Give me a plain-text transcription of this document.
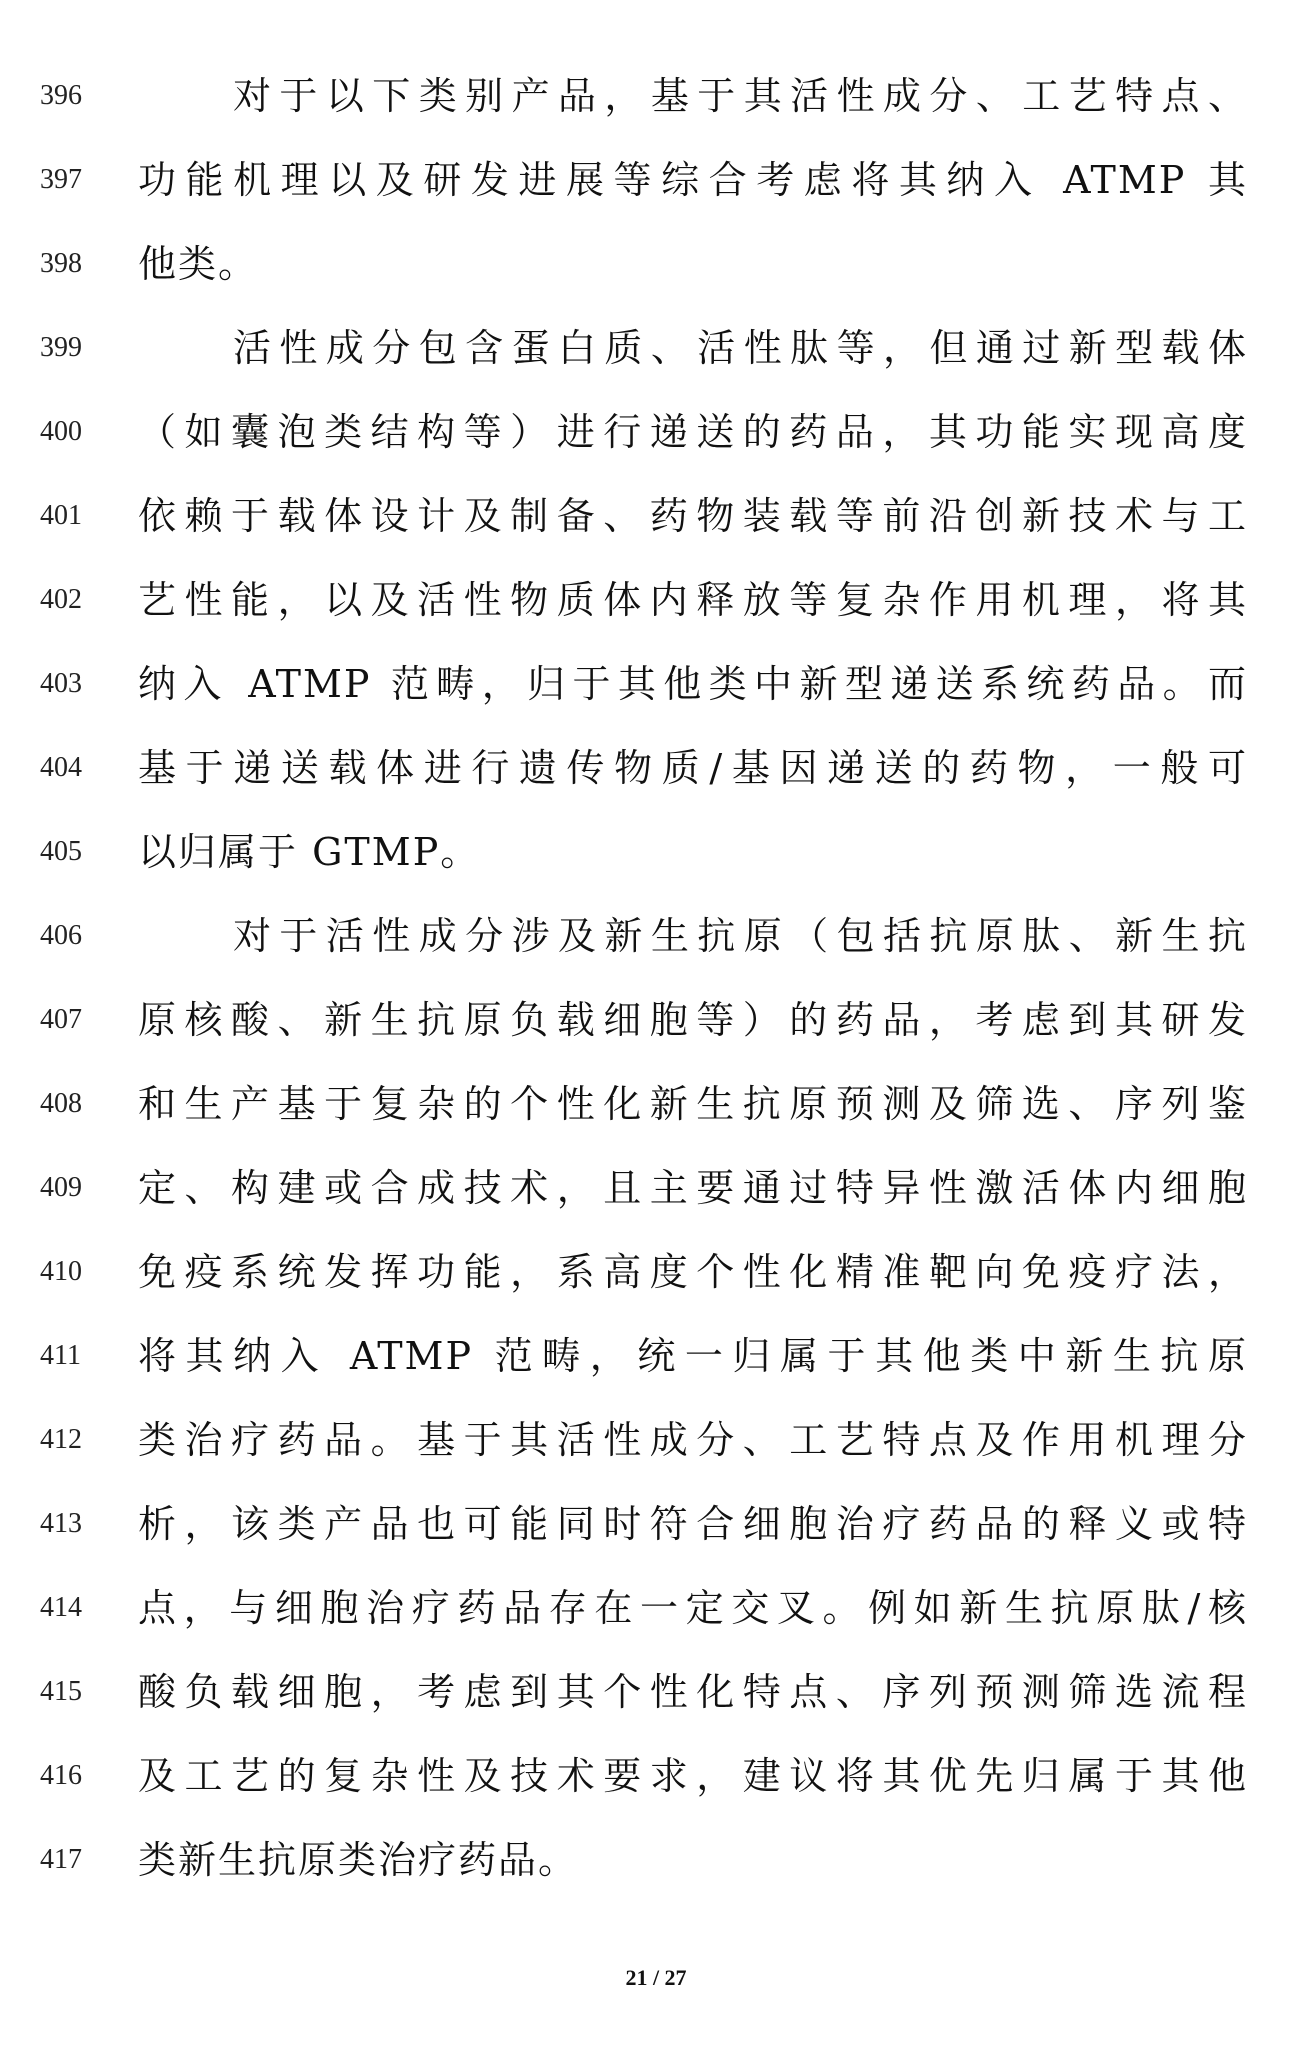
396	对于以下类别产品，基于其活性成分、工艺特点、
397	功能机理以及研发进展等综合考虑将其纳入 ATMP 其
398	他类。
399	活性成分包含蛋白质、活性肽等，但通过新型载体
400	（如囊泡类结构等）进行递送的药品，其功能实现高度
401	依赖于载体设计及制备、药物装载等前沿创新技术与工
402	艺性能，以及活性物质体内释放等复杂作用机理，将其
403	纳入 ATMP 范畴，归于其他类中新型递送系统药品。而
404	基于递送载体进行遗传物质/基因递送的药物，一般可
405	以归属于 GTMP。
406	对于活性成分涉及新生抗原（包括抗原肽、新生抗
407	原核酸、新生抗原负载细胞等）的药品，考虑到其研发
408	和生产基于复杂的个性化新生抗原预测及筛选、序列鉴
409	定、构建或合成技术，且主要通过特异性激活体内细胞
410	免疫系统发挥功能，系高度个性化精准靶向免疫疗法，
411	将其纳入 ATMP 范畴，统一归属于其他类中新生抗原
412	类治疗药品。基于其活性成分、工艺特点及作用机理分
413	析，该类产品也可能同时符合细胞治疗药品的释义或特
414	点，与细胞治疗药品存在一定交叉。例如新生抗原肽/核
415	酸负载细胞，考虑到其个性化特点、序列预测筛选流程
416	及工艺的复杂性及技术要求，建议将其优先归属于其他
417	类新生抗原类治疗药品。
21 / 27
